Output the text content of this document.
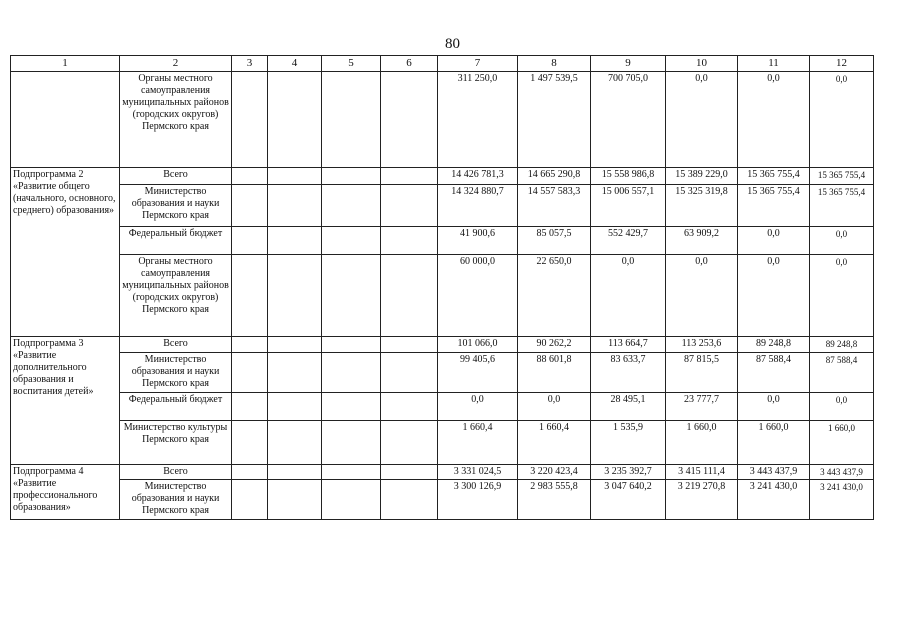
80
1	2	3	4	5	6	7	8	9	10	11	12
	Органы местного самоуправления муниципальных районов (городских округов) Пермского края					311 250,0	1 497 539,5	700 705,0	0,0	0,0	0,0
Подпрограмма 2 «Развитие общего (начального, основного, среднего) образования»	Всего					14 426 781,3	14 665 290,8	15 558 986,8	15 389 229,0	15 365 755,4	15 365 755,4
	Министерство образования и науки Пермского края					14 324 880,7	14 557 583,3	15 006 557,1	15 325 319,8	15 365 755,4	15 365 755,4
	Федеральный бюджет					41 900,6	85 057,5	552 429,7	63 909,2	0,0	0,0
	Органы местного самоуправления муниципальных районов (городских округов) Пермского края					60 000,0	22 650,0	0,0	0,0	0,0	0,0
Подпрограмма 3 «Развитие дополнительного образования и воспитания детей»	Всего					101 066,0	90 262,2	113 664,7	113 253,6	89 248,8	89 248,8
	Министерство образования и науки Пермского края					99 405,6	88 601,8	83 633,7	87 815,5	87 588,4	87 588,4
	Федеральный бюджет					0,0	0,0	28 495,1	23 777,7	0,0	0,0
	Министерство культуры Пермского края					1 660,4	1 660,4	1 535,9	1 660,0	1 660,0	1 660,0
Подпрограмма 4 «Развитие профессионального образования»	Всего					3 331 024,5	3 220 423,4	3 235 392,7	3 415 111,4	3 443 437,9	3 443 437,9
	Министерство образования и науки Пермского края					3 300 126,9	2 983 555,8	3 047 640,2	3 219 270,8	3 241 430,0	3 241 430,0
